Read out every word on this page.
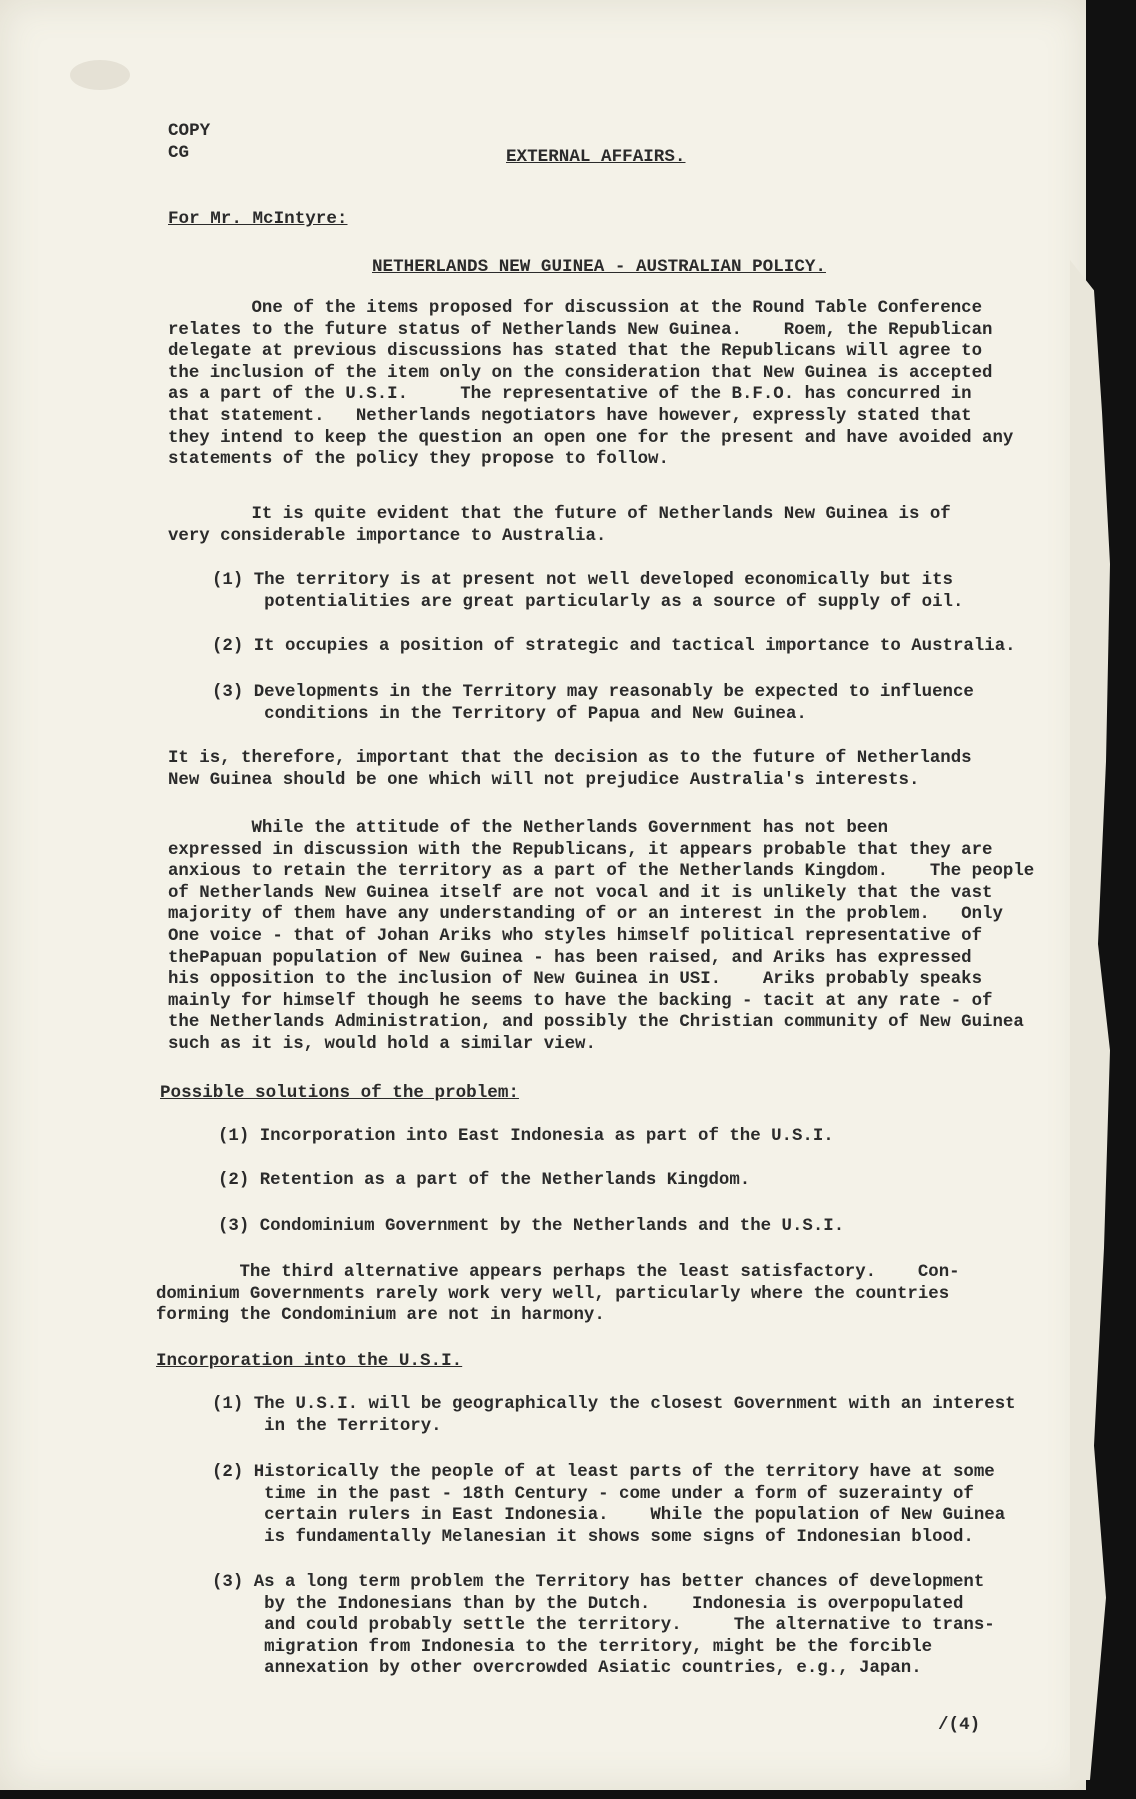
COPY
CG	EXTERNAL AFFAIRS.
For Mr. McIntyre:
NETHERLANDS NEW GUINEA - AUSTRALIAN POLICY.
One of the items proposed for discussion at the Round Table Conference
relates to the future status of Netherlands New Guinea.    Roem, the Republican
delegate at previous discussions has stated that the Republicans will agree to
the inclusion of the item only on the consideration that New Guinea is accepted
as a part of the U.S.I.     The representative of the B.F.O. has concurred in
that statement.   Netherlands negotiators have however, expressly stated that
they intend to keep the question an open one for the present and have avoided any
statements of the policy they propose to follow.
It is quite evident that the future of Netherlands New Guinea is of
very considerable importance to Australia.
(1) The territory is at present not well developed economically but its
potentialities are great particularly as a source of supply of oil.
(2) It occupies a position of strategic and tactical importance to Australia.
(3) Developments in the Territory may reasonably be expected to influence
conditions in the Territory of Papua and New Guinea.
It is, therefore, important that the decision as to the future of Netherlands
New Guinea should be one which will not prejudice Australia's interests.
While the attitude of the Netherlands Government has not been
expressed in discussion with the Republicans, it appears probable that they are
anxious to retain the territory as a part of the Netherlands Kingdom.    The people
of Netherlands New Guinea itself are not vocal and it is unlikely that the vast
majority of them have any understanding of or an interest in the problem.   Only
One voice - that of Johan Ariks who styles himself political representative of
thePapuan population of New Guinea - has been raised, and Ariks has expressed
his opposition to the inclusion of New Guinea in USI.    Ariks probably speaks
mainly for himself though he seems to have the backing - tacit at any rate - of
the Netherlands Administration, and possibly the Christian community of New Guinea
such as it is, would hold a similar view.
Possible solutions of the problem:
(1) Incorporation into East Indonesia as part of the U.S.I.
(2) Retention as a part of the Netherlands Kingdom.
(3) Condominium Government by the Netherlands and the U.S.I.
The third alternative appears perhaps the least satisfactory.    Con-
dominium Governments rarely work very well, particularly where the countries
forming the Condominium are not in harmony.
Incorporation into the U.S.I.
(1) The U.S.I. will be geographically the closest Government with an interest
in the Territory.
(2) Historically the people of at least parts of the territory have at some
time in the past - 18th Century - come under a form of suzerainty of
certain rulers in East Indonesia.    While the population of New Guinea
is fundamentally Melanesian it shows some signs of Indonesian blood.
(3) As a long term problem the Territory has better chances of development
by the Indonesians than by the Dutch.    Indonesia is overpopulated
and could probably settle the territory.     The alternative to trans-
migration from Indonesia to the territory, might be the forcible
annexation by other overcrowded Asiatic countries, e.g., Japan.
/(4)
